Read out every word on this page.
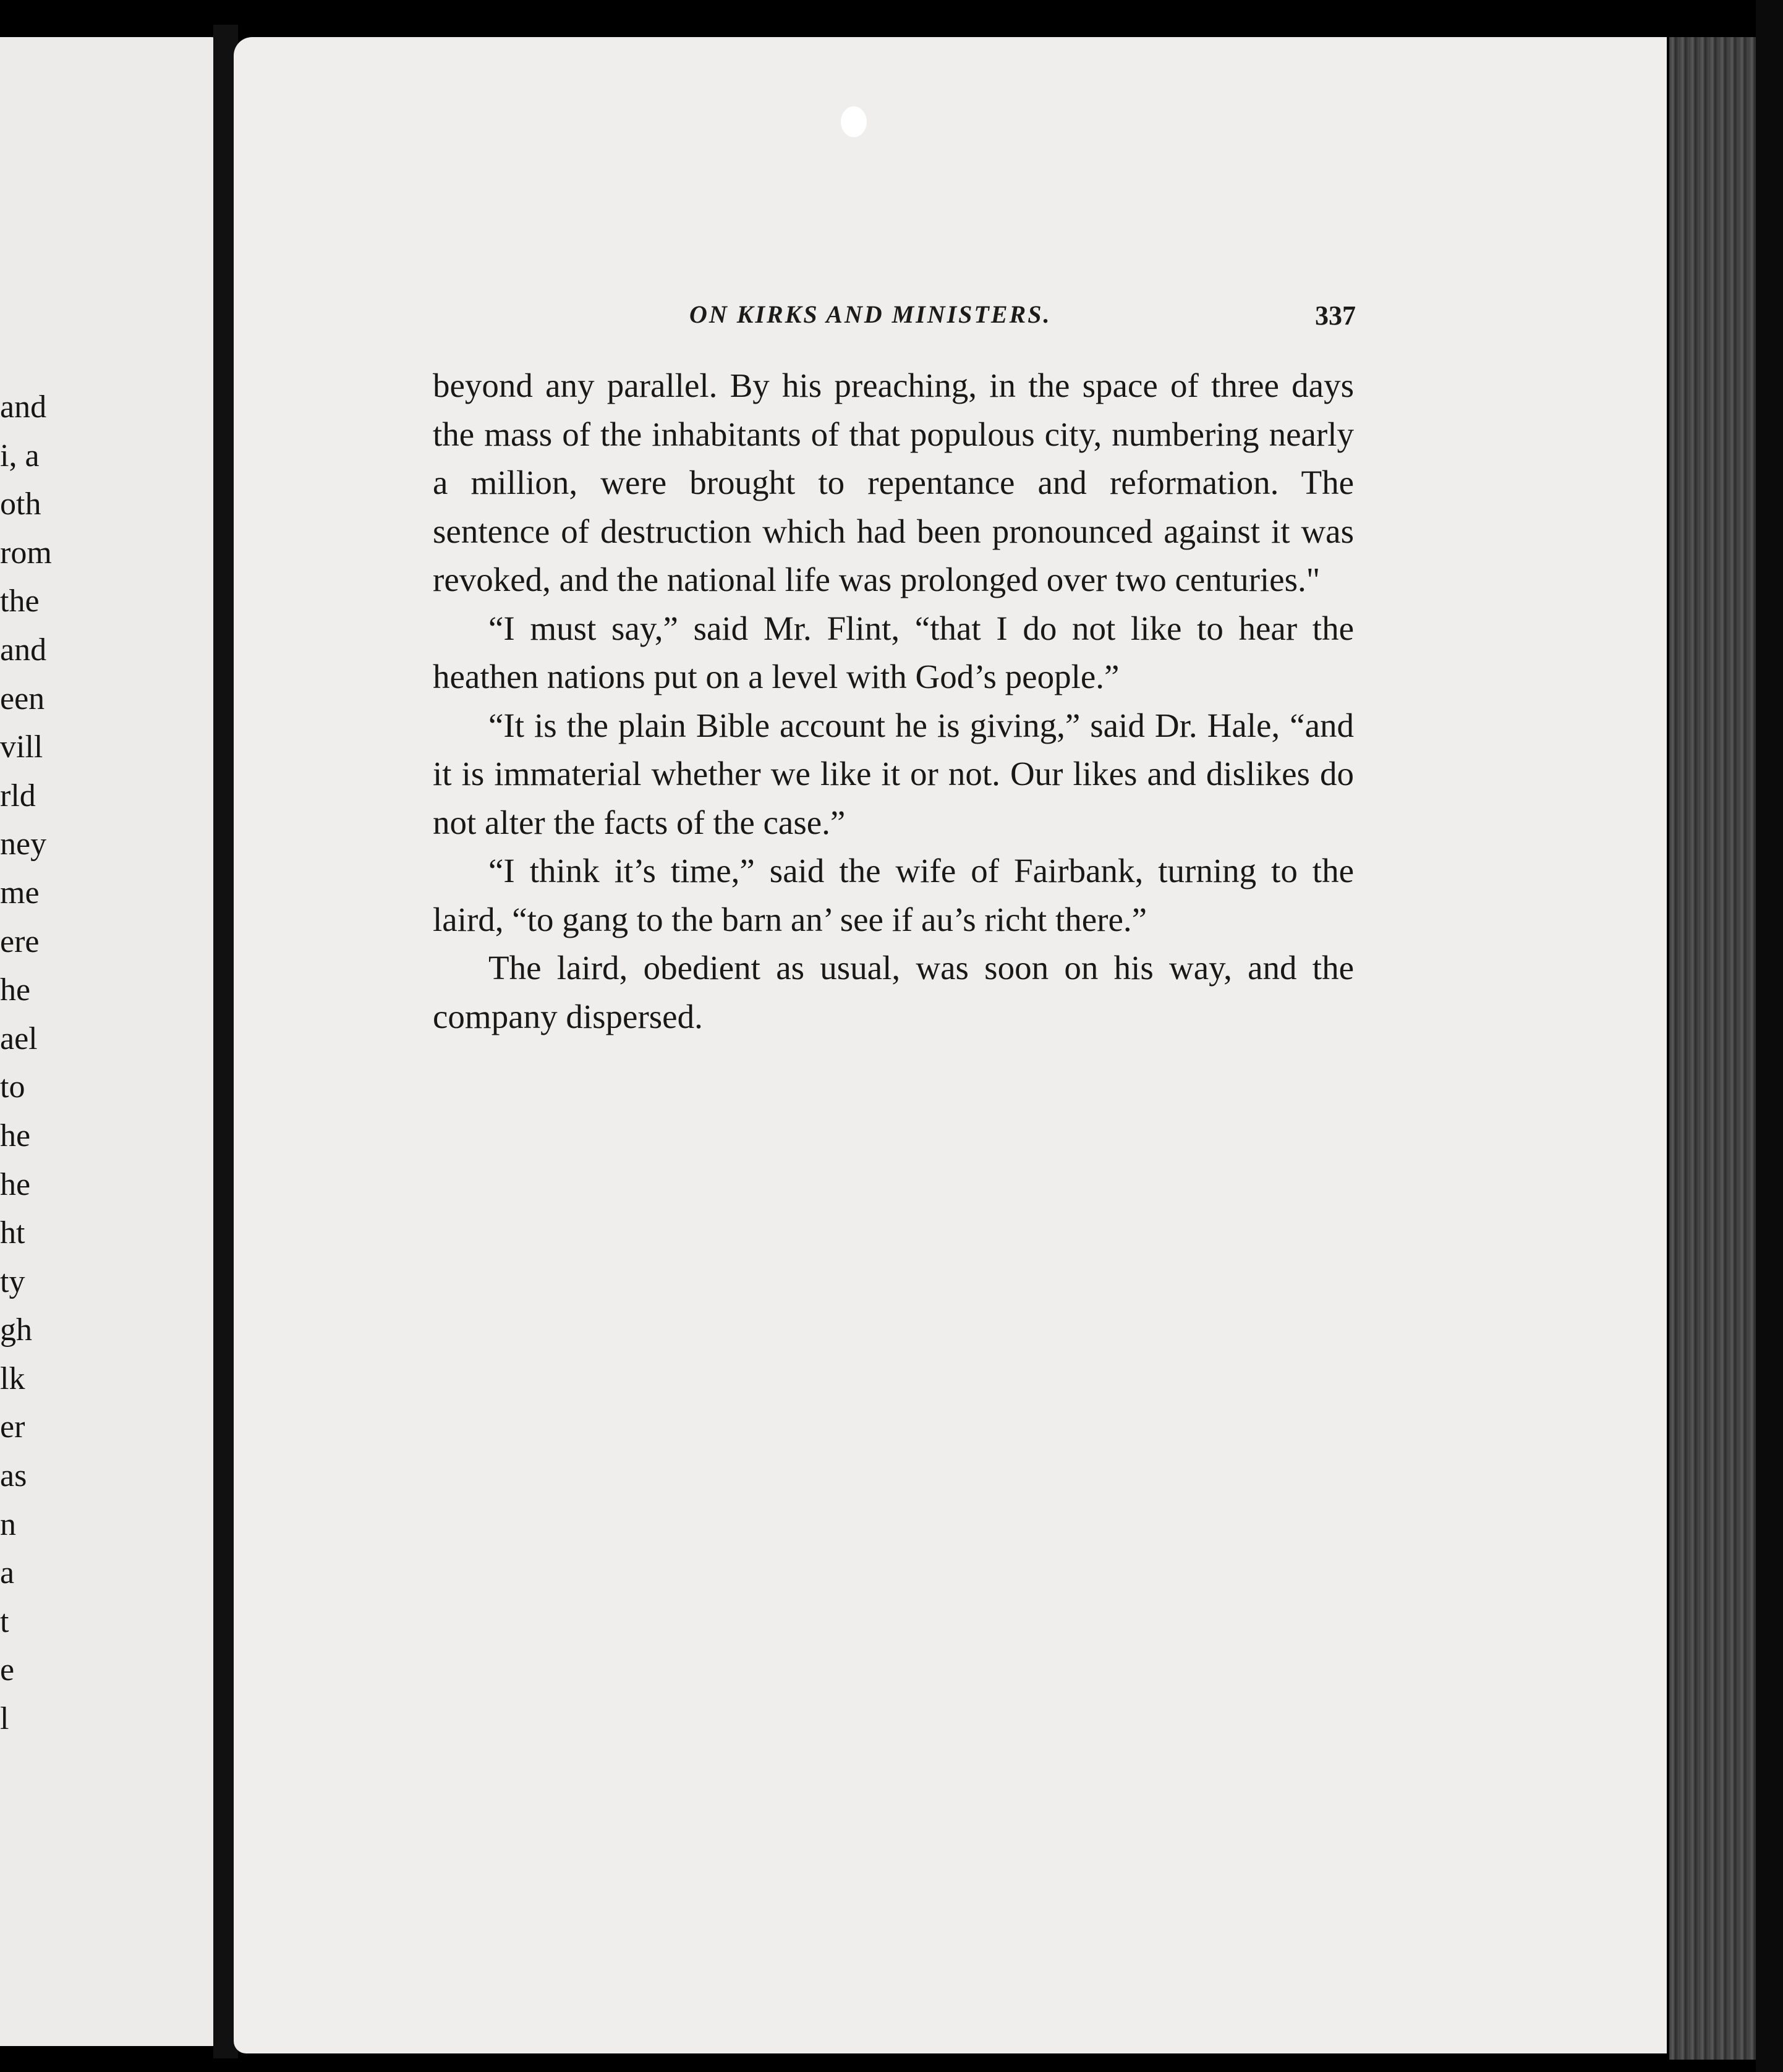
and
i, a
oth
rom
the
and
een
vill
rld
ney
me
ere
he
ael
to
he
he
ht
ty
gh
lk
er
as
n
a
t
e
l
ON KIRKS AND MINISTERS.	337

beyond any parallel. By his preaching, in the space of three days the mass of the inhabitants of that populous city, numbering nearly a million, were brought to repentance and reformation. The sentence of destruction which had been pronounced against it was revoked, and the national life was prolonged over two centuries."

“I must say,” said Mr. Flint, “that I do not like to hear the heathen nations put on a level with God’s people.”

“It is the plain Bible account he is giving,” said Dr. Hale, “and it is immaterial whether we like it or not. Our likes and dislikes do not alter the facts of the case.”

“I think it’s time,” said the wife of Fairbank, turning to the laird, “to gang to the barn an’ see if au’s richt there.”

The laird, obedient as usual, was soon on his way, and the company dispersed.
